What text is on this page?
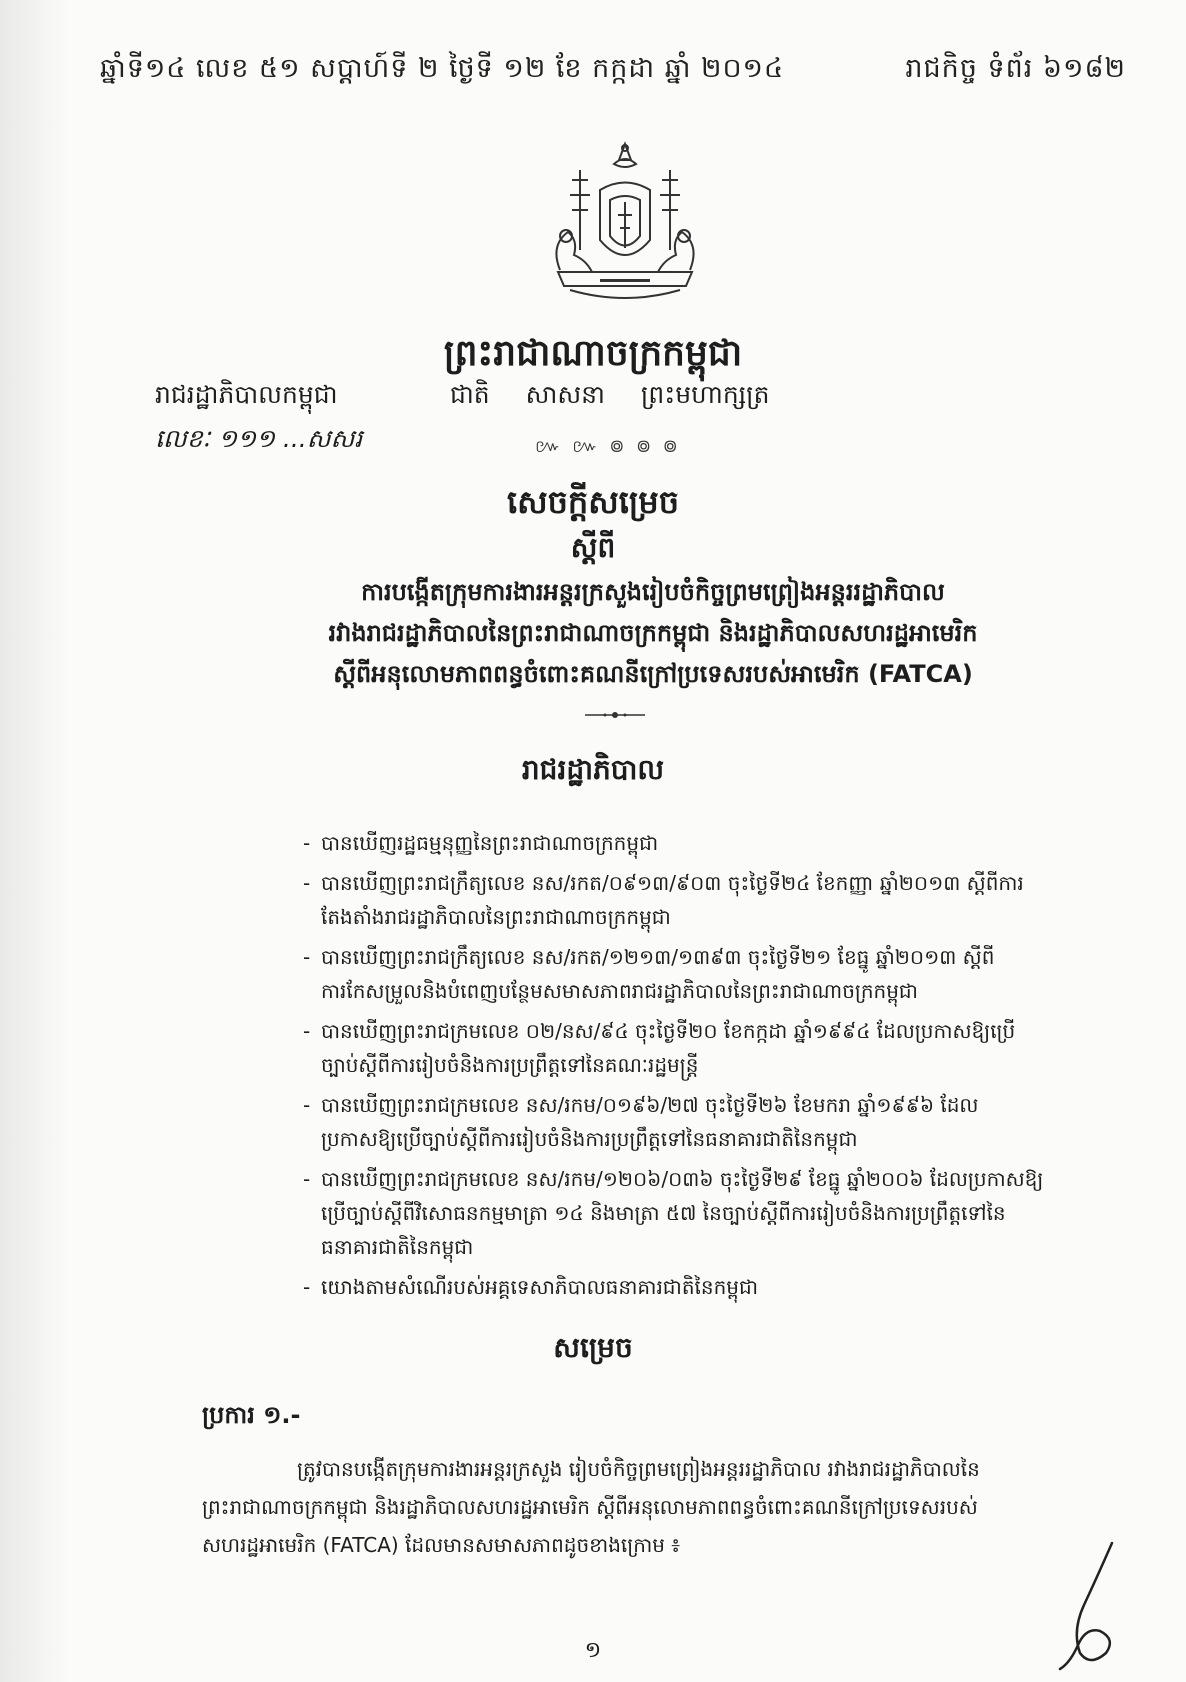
ឆ្នាំទី១៤ លេខ ៥១ សប្តាហ៍ទី ២ ថ្ងៃទី ១២ ខែ កក្កដា ឆ្នាំ ២០១៤	រាជកិច្ច ទំព័រ ៦១៨២
ព្រះរាជាណាចក្រកម្ពុជា
រាជរដ្ឋាភិបាលកម្ពុជា	ជាតិ សាសនា ព្រះមហាក្សត្រ
លេខៈ ១១១ ...សសរ	៚ ៚ ៙ ៙ ៙
សេចក្តីសម្រេច
ស្តីពី
ការបង្កើតក្រុមការងារអន្តរក្រសួងរៀបចំកិច្ចព្រមព្រៀងអន្តររដ្ឋាភិបាល
រវាងរាជរដ្ឋាភិបាលនៃព្រះរាជាណាចក្រកម្ពុជា និងរដ្ឋាភិបាលសហរដ្ឋអាមេរិក
ស្តីពីអនុលោមភាពពន្ធចំពោះគណនីក្រៅប្រទេសរបស់អាមេរិក (FATCA)
រាជរដ្ឋាភិបាល
- បានឃើញរដ្ឋធម្មនុញ្ញនៃព្រះរាជាណាចក្រកម្ពុជា
- បានឃើញព្រះរាជក្រឹត្យលេខ នស/រកត/០៩១៣/៩០៣ ចុះថ្ងៃទី២៤ ខែកញ្ញា ឆ្នាំ២០១៣ ស្តីពីការតែងតាំងរាជរដ្ឋាភិបាលនៃព្រះរាជាណាចក្រកម្ពុជា
- បានឃើញព្រះរាជក្រឹត្យលេខ នស/រកត/១២១៣/១៣៩៣ ចុះថ្ងៃទី២១ ខែធ្នូ ឆ្នាំ២០១៣ ស្តីពីការកែសម្រួលនិងបំពេញបន្ថែមសមាសភាពរាជរដ្ឋាភិបាលនៃព្រះរាជាណាចក្រកម្ពុជា
- បានឃើញព្រះរាជក្រមលេខ ០២/នស/៩៤ ចុះថ្ងៃទី២០ ខែកក្កដា ឆ្នាំ១៩៩៤ ដែលប្រកាសឱ្យប្រើច្បាប់ស្តីពីការរៀបចំនិងការប្រព្រឹត្តទៅនៃគណៈរដ្ឋមន្ត្រី
- បានឃើញព្រះរាជក្រមលេខ នស/រកម/០១៩៦/២៧ ចុះថ្ងៃទី២៦ ខែមករា ឆ្នាំ១៩៩៦ ដែលប្រកាសឱ្យប្រើច្បាប់ស្តីពីការរៀបចំនិងការប្រព្រឹត្តទៅនៃធនាគារជាតិនៃកម្ពុជា
- បានឃើញព្រះរាជក្រមលេខ នស/រកម/១២០៦/០៣៦ ចុះថ្ងៃទី២៩ ខែធ្នូ ឆ្នាំ២០០៦ ដែលប្រកាសឱ្យប្រើច្បាប់ស្តីពីវិសោធនកម្មមាត្រា ១៤ និងមាត្រា ៥៧ នៃច្បាប់ស្តីពីការរៀបចំនិងការប្រព្រឹត្តទៅនៃធនាគារជាតិនៃកម្ពុជា
- យោងតាមសំណើរបស់អគ្គទេសាភិបាលធនាគារជាតិនៃកម្ពុជា
សម្រេច
ប្រការ ១.-
ត្រូវបានបង្កើតក្រុមការងារអន្តរក្រសួង រៀបចំកិច្ចព្រមព្រៀងអន្តររដ្ឋាភិបាល រវាងរាជរដ្ឋាភិបាលនៃព្រះរាជាណាចក្រកម្ពុជា និងរដ្ឋាភិបាលសហរដ្ឋអាមេរិក ស្តីពីអនុលោមភាពពន្ធចំពោះគណនីក្រៅប្រទេសរបស់សហរដ្ឋអាមេរិក (FATCA) ដែលមានសមាសភាពដូចខាងក្រោម ៖
១
